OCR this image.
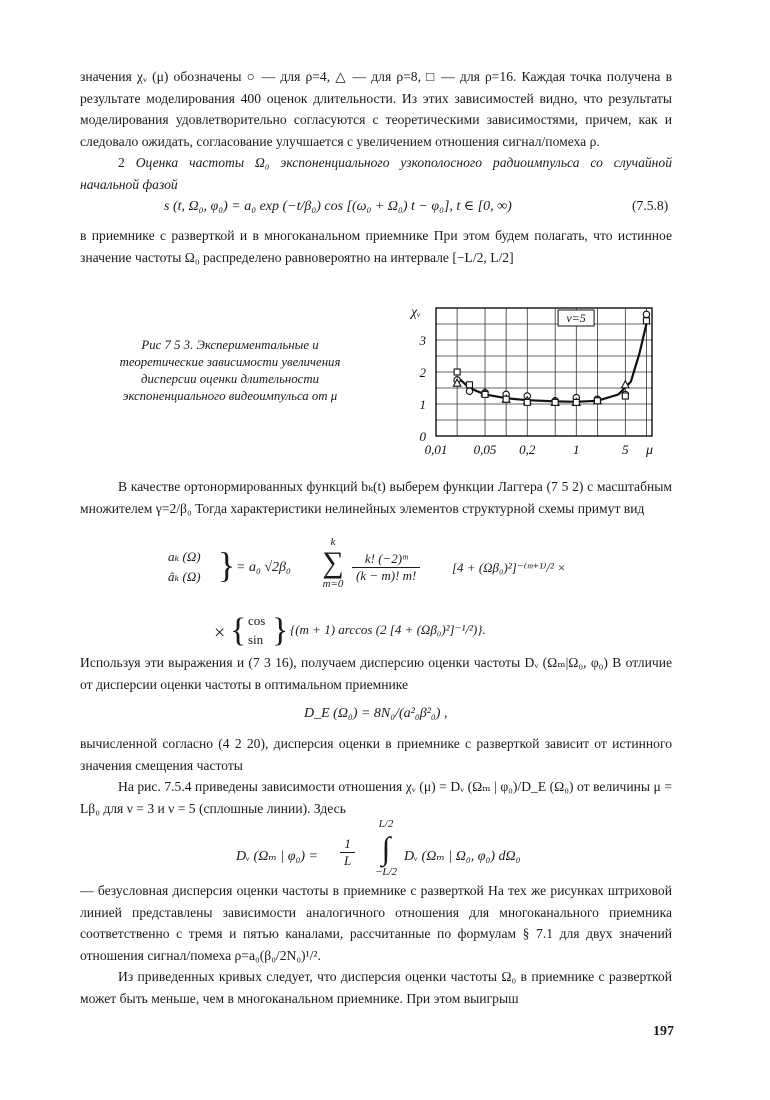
значения χᵥ (μ) обозначены ○ — для ρ=4, △ — для ρ=8, □ — для ρ=16. Каждая точка получена в результате моделирования 400 оценок длительности. Из этих зависимостей видно, что результаты моделирования удовлетворительно согласуются с теоретическими зависимостями, причем, как и следовало ожидать, согласование улучшается с увеличением отношения сигнал/помеха ρ.

2 Оценка частоты Ω₀ экспоненциального узкополосного радиоимпульса со случайной начальной фазой

s (t, Ω₀, φ₀) = a₀ exp (−t/β₀) cos [(ω₀ + Ω₀) t − φ₀], t ∈ [0, ∞)	(7.5.8)

в приемнике с разверткой и в многоканальном приемнике При этом будем полагать, что истинное значение частоты Ω₀ распределено равновероятно на интервале [−L/2, L/2]

Рис 7 5 3. Экспериментальные и теоретические зависимости увеличения дисперсии оценки длительности экспоненциального видеоимпульса от μ
0
1
2
3
0,01 0,05 0,2	1	5
χᵥ
μ
ν=5

В качестве ортонормированных функций bₖ(t) выберем функции Лаггера (7 5 2) с масштабным множителем γ=2/β₀ Тогда характеристики нелинейных элементов структурной схемы примут вид

aₖ (Ω)
âₖ (Ω) } = a₀ √2β₀
k
∑
$m=0 \frac{\text{k! (−2)ᵐ}}{(k - m)! m!} [4$ + (Ωβ₀)²]⁻⁽ᵐ⁺¹⁾/² ×
× { cos
sin } {(m + 1) arccos (2 [4 + (Ωβ₀)²]⁻¹/²)}.

Используя эти выражения и (7 3 16), получаем дисперсию оценки частоты Dᵥ (Ωₘ|Ω₀, φ₀) В отличие от дисперсии оценки частоты в оптимальном приемнике

D_E (Ω₀) = 8N₀/(a²₀β²₀) ,

вычисленной согласно (4 2 20), дисперсия оценки в приемнике с разверткой зависит от истинного значения смещения частоты

На рис. 7.5.4 приведены зависимости отношения χᵥ (μ) = Dᵥ (Ωₘ | φ₀)/D_E (Ω₀) от величины μ = Lβ₀ для ν = 3 и ν = 5 (сплошные линии). Здесь

Dᵥ (Ωₘ | $\varphi_0) = \frac{1}{L}$
L/2
∫
−L/2
Dᵥ (Ωₘ | Ω₀, φ₀) dΩ₀

— безусловная дисперсия оценки частоты в приемнике с разверткой На тех же рисунках штриховой линией представлены зависимости аналогичного отношения для многоканального приемника соответственно с тремя и пятью каналами, рассчитанные по формулам § 7.1 для двух значений отношения сигнал/помеха ρ=a₀(β₀/2N₀)¹/².

Из приведенных кривых следует, что дисперсия оценки частоты Ω₀ в приемнике с разверткой может быть меньше, чем в многоканальном приемнике. При этом выигрыш

197
